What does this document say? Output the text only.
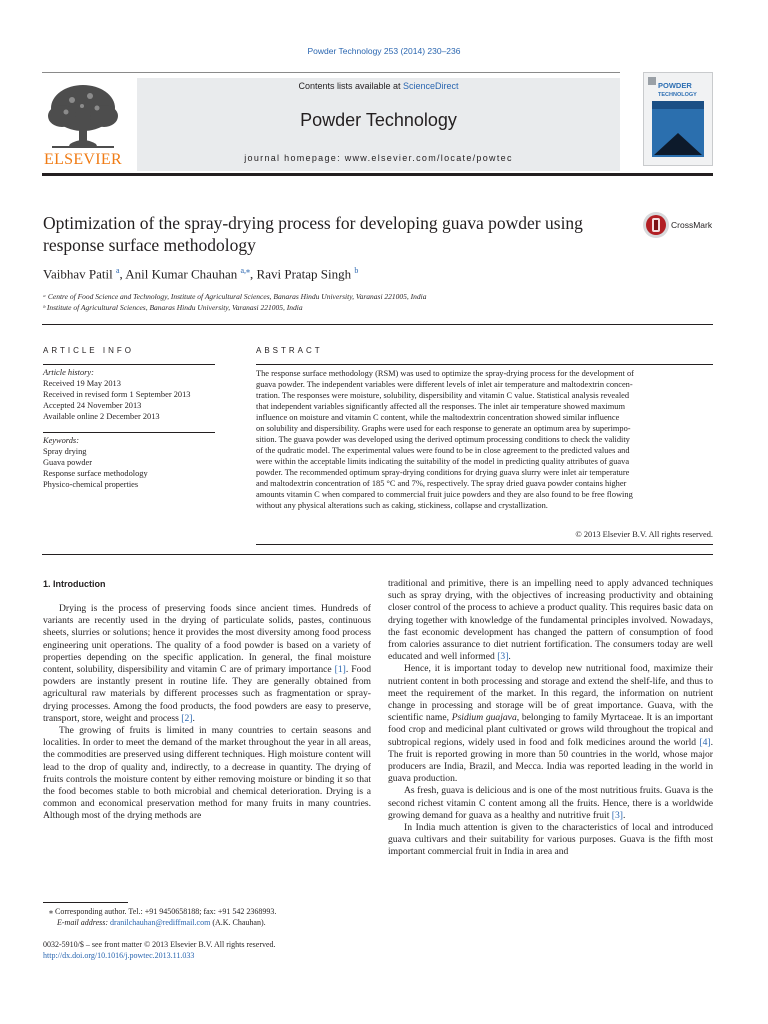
Powder Technology 253 (2014) 230–236
ELSEVIER
Contents lists available at ScienceDirect
Powder Technology
journal homepage: www.elsevier.com/locate/powtec
POWDER
TECHNOLOGY
Optimization of the spray-drying process for developing guava powder using response surface methodology
CrossMark
Vaibhav Patil $^a$, Anil Kumar Chauhan $^{a,⁎}$, Ravi Pratap Singh $^b$
ᵃ Centre of Food Science and Technology, Institute of Agricultural Sciences, Banaras Hindu University, Varanasi 221005, India
ᵇ Institute of Agricultural Sciences, Banaras Hindu University, Varanasi 221005, India
ARTICLE INFO	ABSTRACT
Article history:
Received 19 May 2013
Received in revised form 1 September 2013
Accepted 24 November 2013
Available online 2 December 2013
Keywords:
Spray drying
Guava powder
Response surface methodology
Physico-chemical properties
The response surface methodology (RSM) was used to optimize the spray-drying process for the development of
guava powder. The independent variables were different levels of inlet air temperature and maltodextrin concen-
tration. The responses were moisture, solubility, dispersibility and vitamin C value. Statistical analysis revealed
that independent variables significantly affected all the responses. The inlet air temperature showed maximum
influence on moisture and vitamin C content, while the maltodextrin concentration showed similar influence
on solubility and dispersibility. Graphs were used for each response to generate an optimum area by superimpo-
sition. The guava powder was developed using the derived optimum processing conditions to check the validity
of the qudratic model. The experimental values were found to be in close agreement to the predicted values and
were within the acceptable limits indicating the suitability of the model in predicting quality attributes of guava
powder. The recommended optimum spray-drying conditions for drying guava slurry were inlet air temperature
and maltodextrin concentration of 185 °C and 7%, respectively. The spray dried guava powder contains higher
amounts vitamin C when compared to commercial fruit juice powders and they are also found to be free flowing
without any physical alterations such as caking, stickiness, collapse and crystallization.
© 2013 Elsevier B.V. All rights reserved.
1. Introduction

Drying is the process of preserving foods since ancient times. Hundreds of variants are recently used in the drying of particulate solids, pastes, continuous sheets, slurries or solutions; hence it provides the most diversity among food process engineering unit operations. The quality of a food powder is based on a variety of properties depending on the specific application. In general, the final moisture content, solubility, dispersibility and vitamin C are of primary importance [1]. Food powders are instantly present in routine life. They are generally obtained from agricultural raw materials by different processes such as fragmentation or spray-drying processes. Among the food products, the food powders are easy to preserve, transport, store, weight and process [2].

The growing of fruits is limited in many countries to certain seasons and localities. In order to meet the demand of the market throughout the year in all areas, the commodities are preserved using different techniques. High moisture content will lead to the drop of quality and, indirectly, to a decrease in quantity. The drying of fruits controls the moisture content by either removing moisture or binding it so that the food becomes stable to both microbial and chemical deterioration. Drying is a common and economical preservation method for many fruits in many countries. Although most of the drying methods are

traditional and primitive, there is an impelling need to apply advanced techniques such as spray drying, with the objectives of increasing productivity and obtaining closer control of the process to achieve a product quality. This requires basic data on drying together with knowledge of the fundamental principles involved. Nowadays, the fast economic development has changed the pattern of consumption of food from calories assurance to diet nutrient fortification. The consumers today are well educated and well informed [3].

Hence, it is important today to develop new nutritional food, maximize their nutrient content in both processing and storage and extend the shelf-life, and thus to meet the requirement of the market. In this regard, the information on nutrient change in processing and storage will be of great importance. Guava, with the scientific name, Psidium guajava, belonging to family Myrtaceae. It is an important food crop and medicinal plant cultivated or grows wild throughout the tropical and subtropical regions, widely used in food and folk medicines around the world [4]. The fruit is reported growing in more than 50 countries in the world, whose major producers are India, Brazil, and Mecca. India was reported leading in the world in guava production.

As fresh, guava is delicious and is one of the most nutritious fruits. Guava is the second richest vitamin C content among all the fruits. Hence, there is a worldwide growing demand for guava as a healthy and nutritive fruit [3].

In India much attention is given to the characteristics of local and introduced guava cultivars and their suitability for various purposes. Guava is the fifth most important commercial fruit in India in area and

⁎ Corresponding author. Tel.: +91 9450658188; fax: +91 542 2368993.
E-mail address: dranilchauhan@rediffmail.com (A.K. Chauhan).
0032-5910/$ – see front matter © 2013 Elsevier B.V. All rights reserved.
http://dx.doi.org/10.1016/j.powtec.2013.11.033
